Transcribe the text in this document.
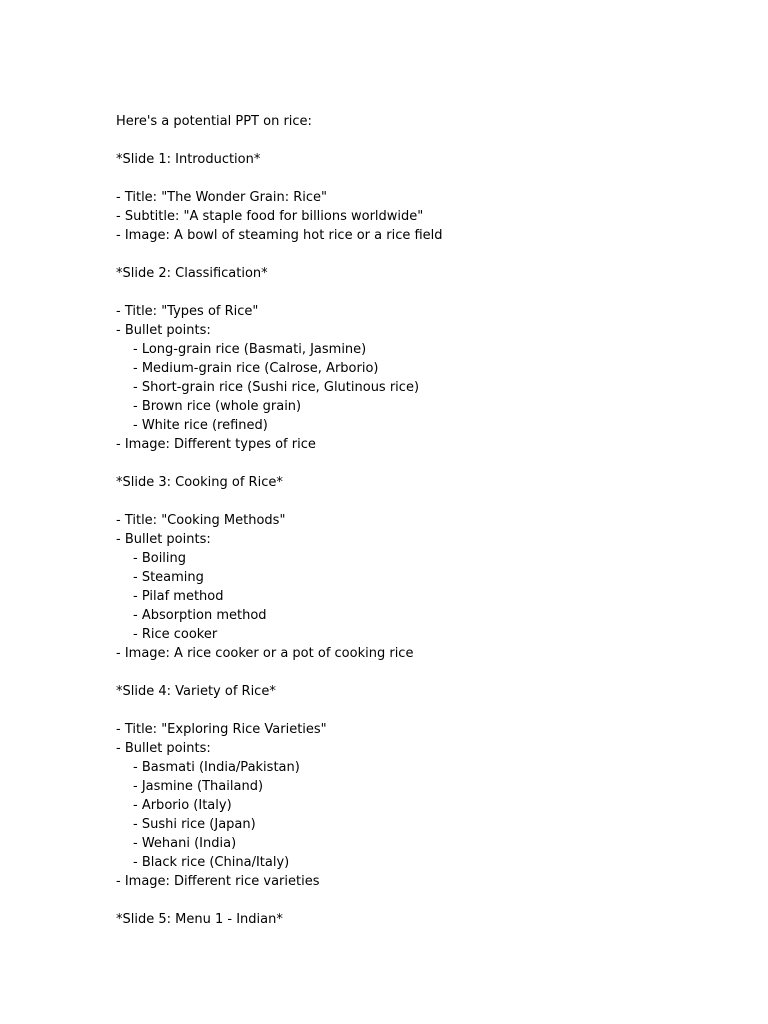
Here's a potential PPT on rice:
*Slide 1: Introduction*
- Title: "The Wonder Grain: Rice"
- Subtitle: "A staple food for billions worldwide"
- Image: A bowl of steaming hot rice or a rice field
*Slide 2: Classification*
- Title: "Types of Rice"
- Bullet points:
- Long-grain rice (Basmati, Jasmine)
- Medium-grain rice (Calrose, Arborio)
- Short-grain rice (Sushi rice, Glutinous rice)
- Brown rice (whole grain)
- White rice (refined)
- Image: Different types of rice
*Slide 3: Cooking of Rice*
- Title: "Cooking Methods"
- Bullet points:
- Boiling
- Steaming
- Pilaf method
- Absorption method
- Rice cooker
- Image: A rice cooker or a pot of cooking rice
*Slide 4: Variety of Rice*
- Title: "Exploring Rice Varieties"
- Bullet points:
- Basmati (India/Pakistan)
- Jasmine (Thailand)
- Arborio (Italy)
- Sushi rice (Japan)
- Wehani (India)
- Black rice (China/Italy)
- Image: Different rice varieties
*Slide 5: Menu 1 - Indian*
